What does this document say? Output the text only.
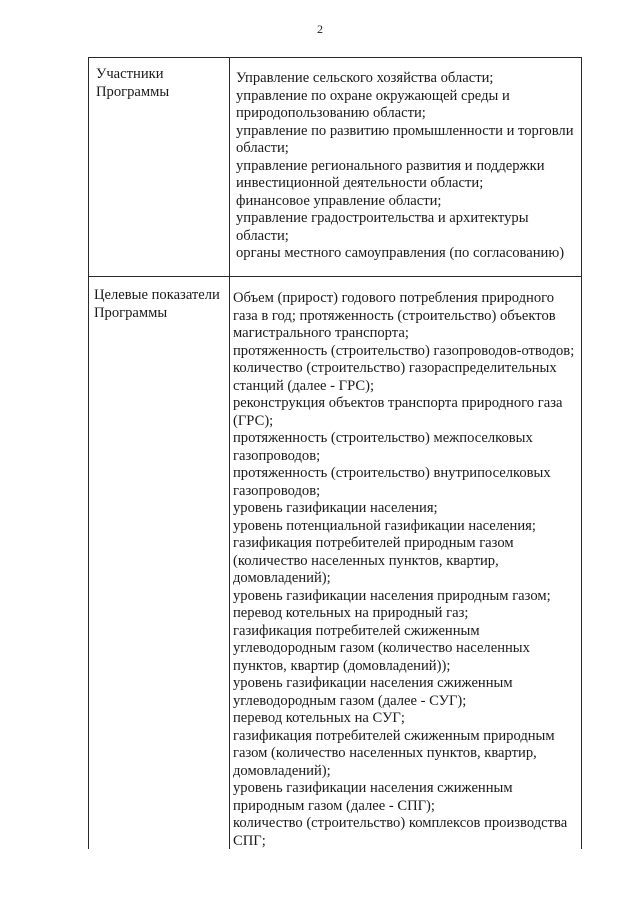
2
Участники
Программы
Управление сельского хозяйства области;
управление по охране окружающей среды и
природопользованию области;
управление по развитию промышленности и торговли
области;
управление регионального развития и поддержки
инвестиционной деятельности области;
финансовое управление области;
управление градостроительства и архитектуры
области;
органы местного самоуправления (по согласованию)
Целевые показатели
Программы
Объем (прирост) годового потребления природного
газа в год; протяженность (строительство) объектов
магистрального транспорта;
протяженность (строительство) газопроводов-отводов;
количество (строительство) газораспределительных
станций (далее - ГРС);
реконструкция объектов транспорта природного газа
(ГРС);
протяженность (строительство) межпоселковых
газопроводов;
протяженность (строительство) внутрипоселковых
газопроводов;
уровень газификации населения;
уровень потенциальной газификации населения;
газификация потребителей природным газом
(количество населенных пунктов, квартир,
домовладений);
уровень газификации населения природным газом;
перевод котельных на природный газ;
газификация потребителей сжиженным
углеводородным газом (количество населенных
пунктов, квартир (домовладений));
уровень газификации населения сжиженным
углеводородным газом (далее - СУГ);
перевод котельных на СУГ;
газификация потребителей сжиженным природным
газом (количество населенных пунктов, квартир,
домовладений);
уровень газификации населения сжиженным
природным газом (далее - СПГ);
количество (строительство) комплексов производства
СПГ;
